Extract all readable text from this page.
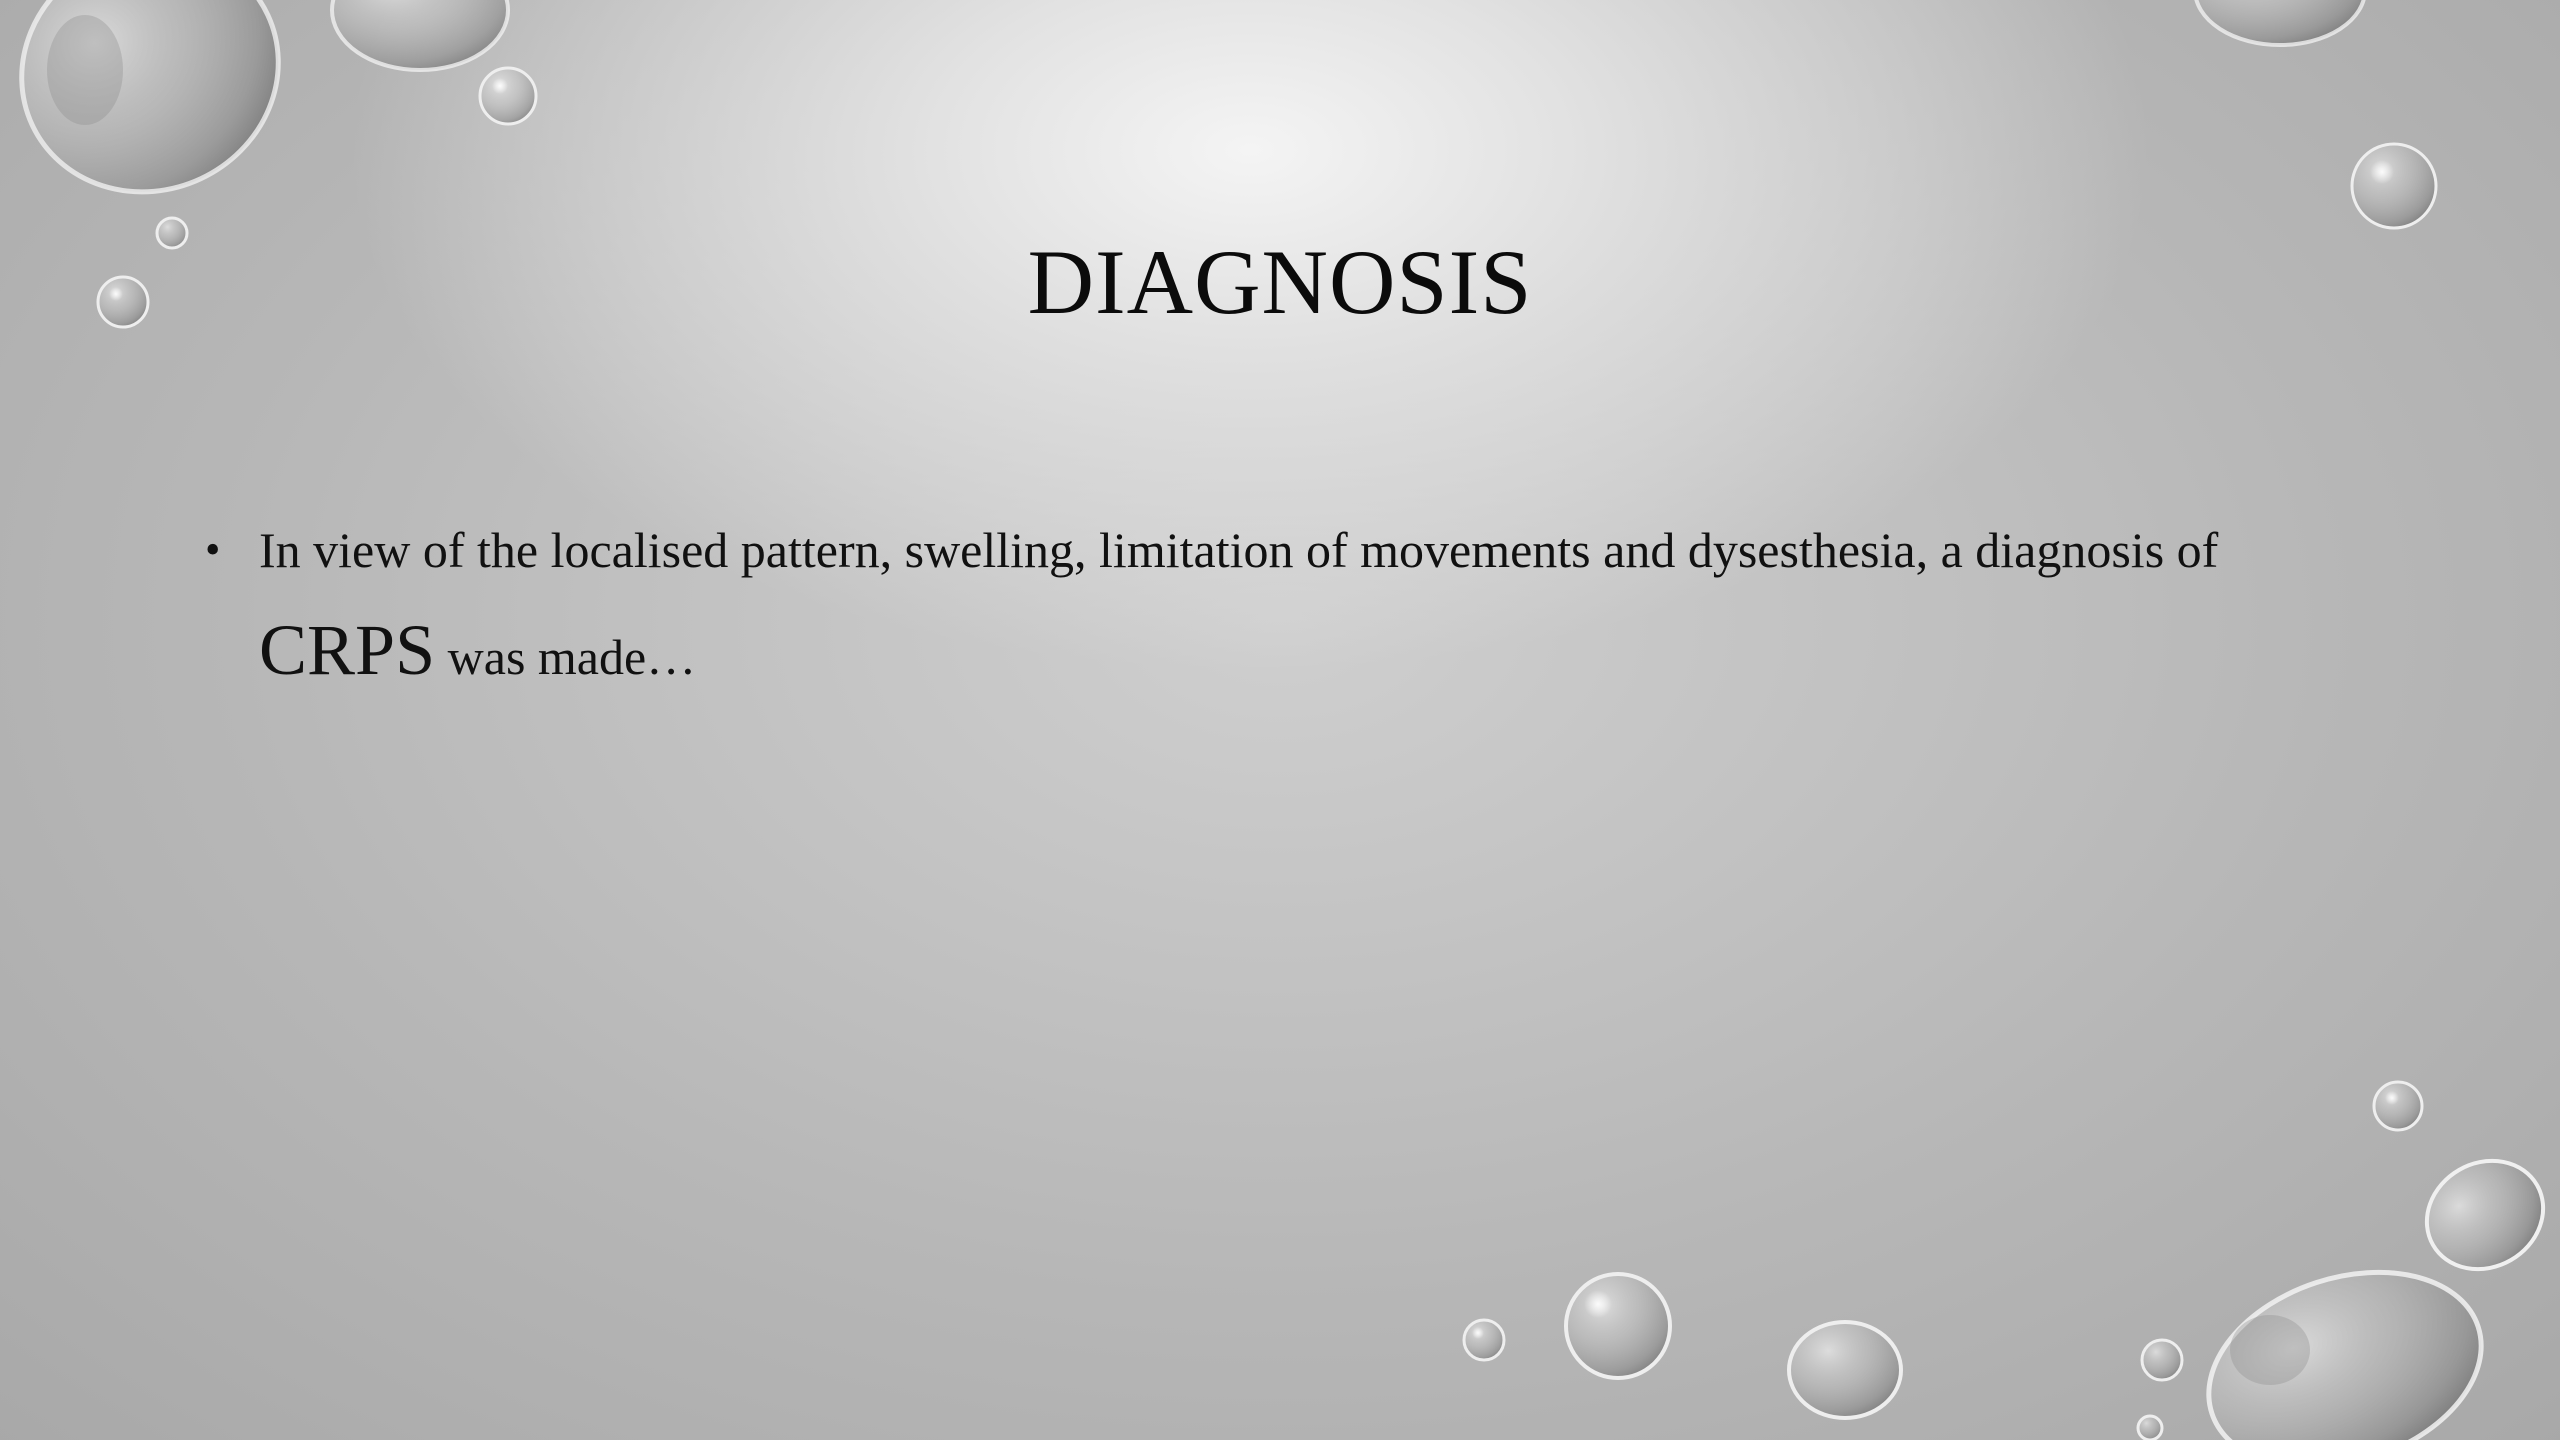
DIAGNOSIS
• In view of the localised pattern, swelling, limitation of movements and dysesthesia, a diagnosis of CRPS was made…
